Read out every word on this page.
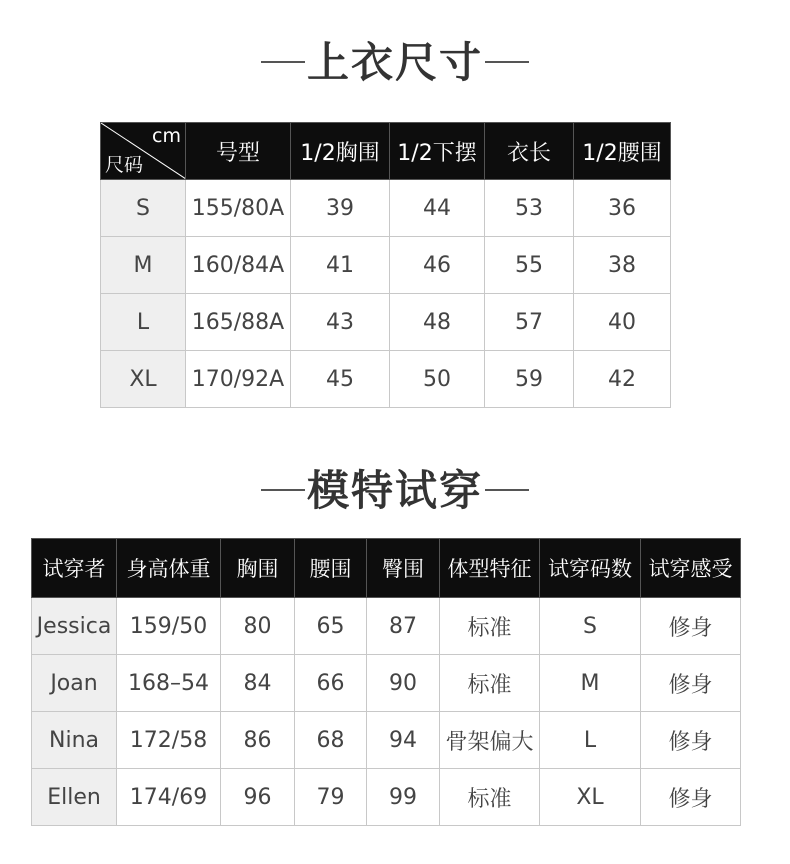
上衣尺寸
cm
尺码	号型	1/2胸围	1/2下摆	衣长	1/2腰围
S	155/80A	39	44	53	36
M	160/84A	41	46	55	38
L	165/88A	43	48	57	40
XL	170/92A	45	50	59	42
模特试穿
试穿者	身高体重	胸围	腰围	臀围	体型特征	试穿码数	试穿感受
Jessica	159/50	80	65	87	标准	S	修身
Joan	168–54	84	66	90	标准	M	修身
Nina	172/58	86	68	94	骨架偏大	L	修身
Ellen	174/69	96	79	99	标准	XL	修身
